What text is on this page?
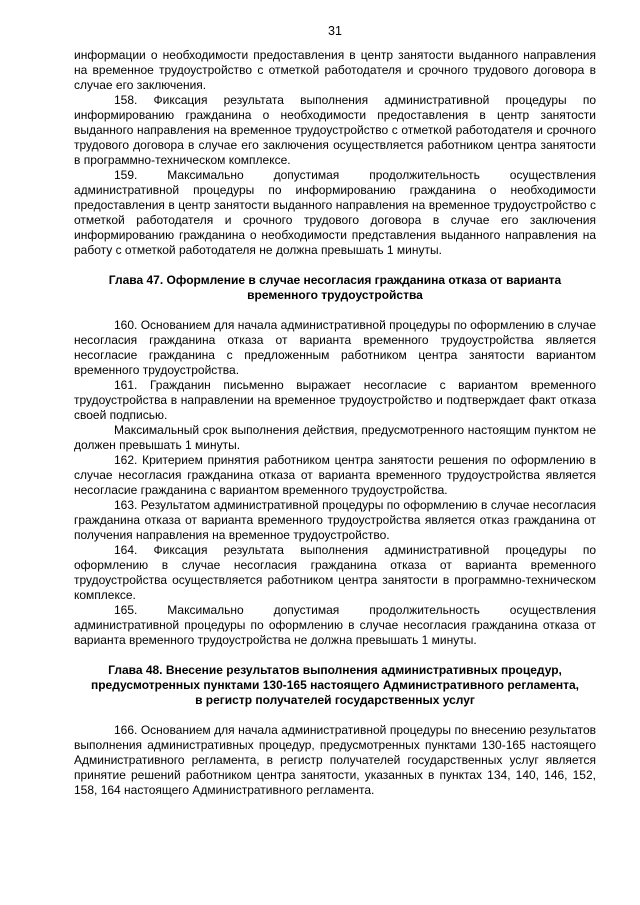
31

информации о необходимости предоставления в центр занятости выданного направления на временное трудоустройство с отметкой работодателя и срочного трудового договора в случае его заключения.

158. Фиксация результата выполнения административной процедуры по информированию гражданина о необходимости предоставления в центр занятости выданного направления на временное трудоустройство с отметкой работодателя и срочного трудового договора в случае его заключения осуществляется работником центра занятости в программно-техническом комплексе.

159. Максимально допустимая продолжительность осуществления административной процедуры по информированию гражданина о необходимости предоставления в центр занятости выданного направления на временное трудоустройство с отметкой работодателя и срочного трудового договора в случае его заключения информированию гражданина о необходимости представления выданного направления на работу с отметкой работодателя не должна превышать 1 минуты.

Глава 47. Оформление в случае несогласия гражданина отказа от варианта
временного трудоустройства

160. Основанием для начала административной процедуры по оформлению в случае несогласия гражданина отказа от варианта временного трудоустройства является несогласие гражданина с предложенным работником центра занятости вариантом временного трудоустройства.

161. Гражданин письменно выражает несогласие с вариантом временного трудоустройства в направлении на временное трудоустройство и подтверждает факт отказа своей подписью.

Максимальный срок выполнения действия, предусмотренного настоящим пунктом не должен превышать 1 минуты.

162. Критерием принятия работником центра занятости решения по оформлению в случае несогласия гражданина отказа от варианта временного трудоустройства является несогласие гражданина с вариантом временного трудоустройства.

163. Результатом административной процедуры по оформлению в случае несогласия гражданина отказа от варианта временного трудоустройства является отказ гражданина от получения направления на временное трудоустройство.

164. Фиксация результата выполнения административной процедуры по оформлению в случае несогласия гражданина отказа от варианта временного трудоустройства осуществляется работником центра занятости в программно-техническом комплексе.

165. Максимально допустимая продолжительность осуществления административной процедуры по оформлению в случае несогласия гражданина отказа от варианта временного трудоустройства не должна превышать 1 минуты.

Глава 48. Внесение результатов выполнения административных процедур,
предусмотренных пунктами 130-165 настоящего Административного регламента,
в регистр получателей государственных услуг

166. Основанием для начала административной процедуры по внесению результатов выполнения административных процедур, предусмотренных пунктами 130-165 настоящего Административного регламента, в регистр получателей государственных услуг является принятие решений работником центра занятости, указанных в пунктах 134, 140, 146, 152, 158, 164 настоящего Административного регламента.
